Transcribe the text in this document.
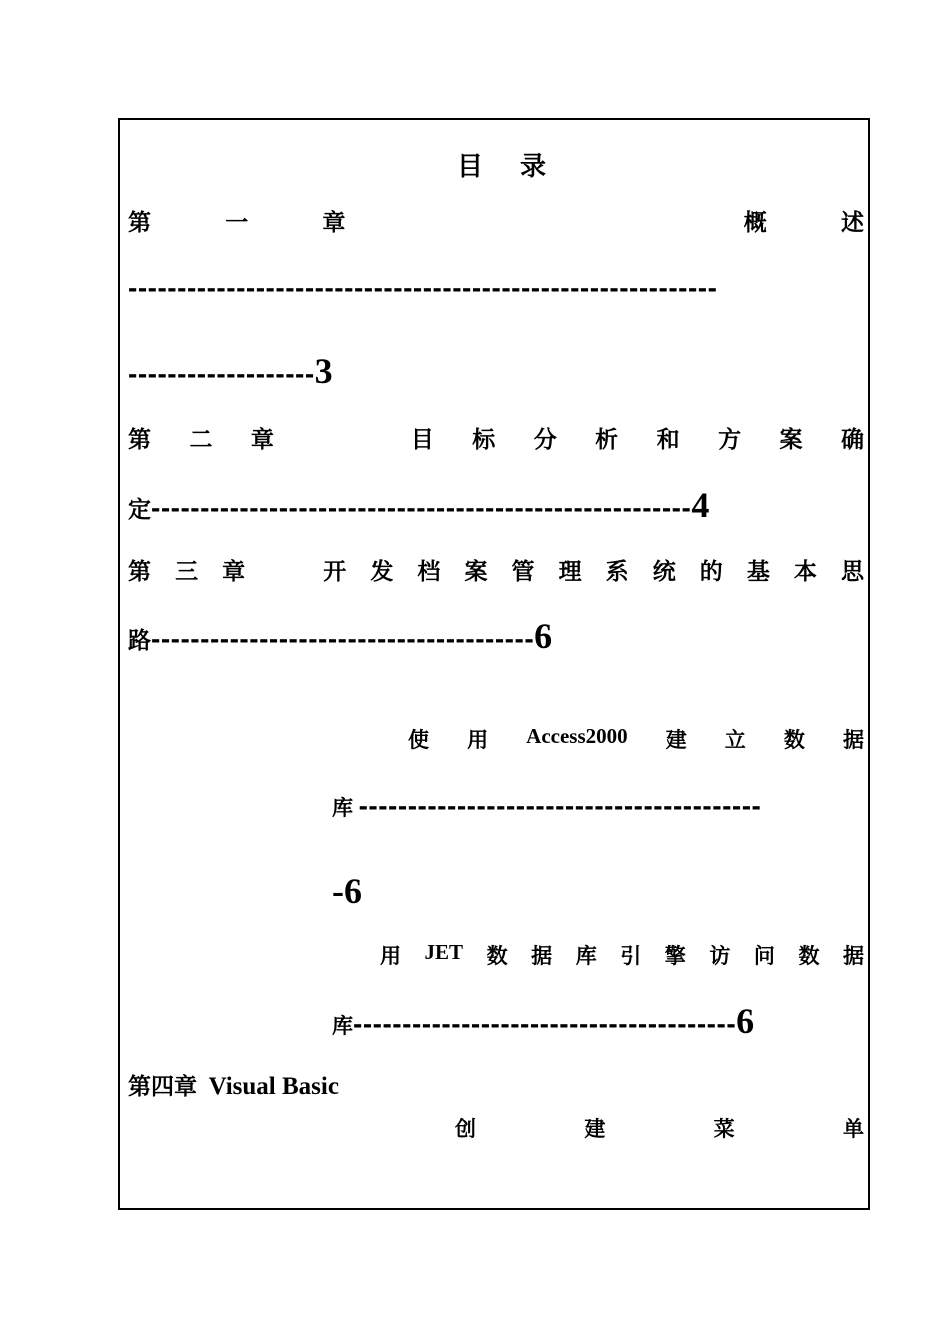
目 录
第	一	章	概	述
------------------------------------------------------------
-------------------3
第 二 章	目 标 分 析 和 方 案 确
定-------------------------------------------------------4
第 三 章	开 发 档 案 管 理 系 统 的 基 本 思
路---------------------------------------6
使 用 Access2000 建 立 数 据
库 -----------------------------------------
-6
用 JET 数 据 库 引 擎 访 问 数 据
库---------------------------------------6
第四章 Visual Basic
创	建	菜	单
